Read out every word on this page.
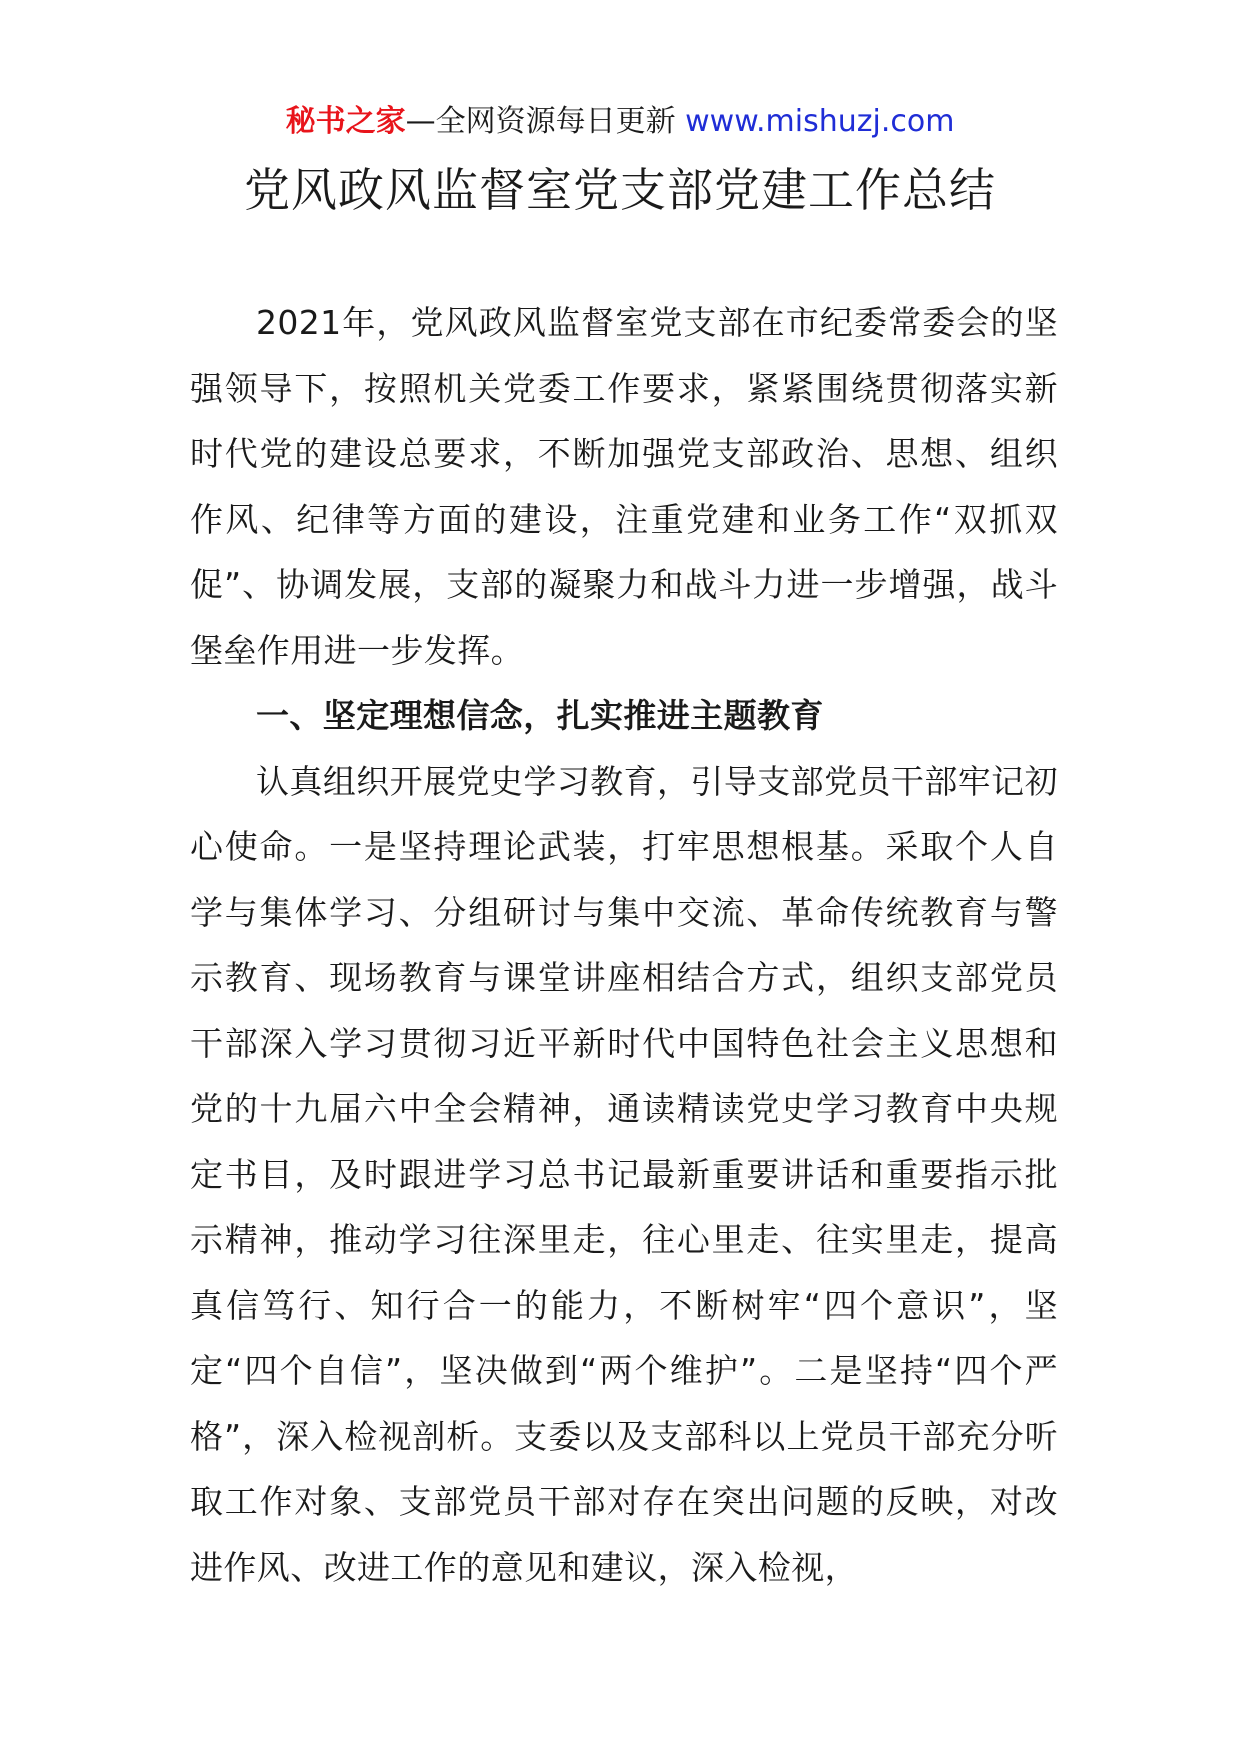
秘书之家—全网资源每日更新 www.mishuzj.com
党风政风监督室党支部党建工作总结

2021年，党风政风监督室党支部在市纪委常委会的坚强领导下，按照机关党委工作要求，紧紧围绕贯彻落实新时代党的建设总要求，不断加强党支部政治、思想、组织作风、纪律等方面的建设，注重党建和业务工作“双抓双促”、协调发展，支部的凝聚力和战斗力进一步增强，战斗堡垒作用进一步发挥。

一、坚定理想信念，扎实推进主题教育

认真组织开展党史学习教育，引导支部党员干部牢记初心使命。一是坚持理论武装，打牢思想根基。采取个人自学与集体学习、分组研讨与集中交流、革命传统教育与警示教育、现场教育与课堂讲座相结合方式，组织支部党员干部深入学习贯彻习近平新时代中国特色社会主义思想和党的十九届六中全会精神，通读精读党史学习教育中央规定书目，及时跟进学习总书记最新重要讲话和重要指示批示精神，推动学习往深里走，往心里走、往实里走，提高真信笃行、知行合一的能力，不断树牢“四个意识”，坚定“四个自信”，坚决做到“两个维护”。二是坚持“四个严格”，深入检视剖析。支委以及支部科以上党员干部充分听取工作对象、支部党员干部对存在突出问题的反映，对改进作风、改进工作的意见和建议，深入检视，
